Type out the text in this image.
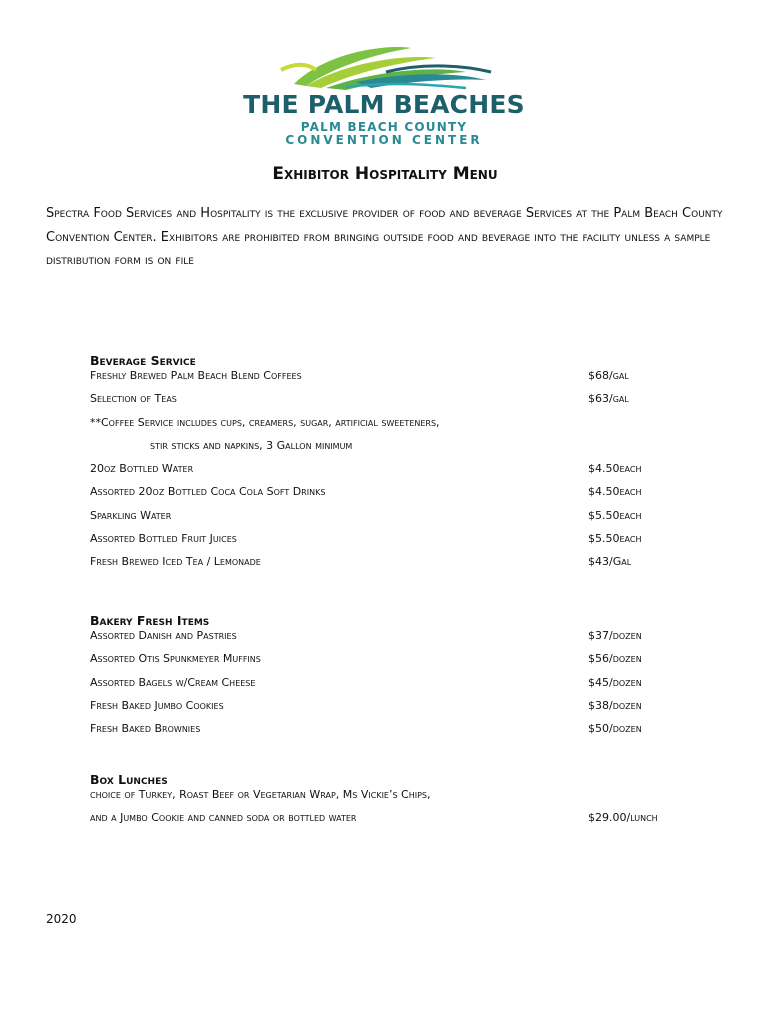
THE PALM BEACHES
PALM BEACH COUNTY
CONVENTION CENTER
Exhibitor Hospitality Menu
Spectra Food Services and Hospitality is the exclusive provider of food and beverage Services at the Palm Beach County Convention Center. Exhibitors are prohibited from bringing outside food and beverage into the facility unless a sample distribution form is on file
Beverage Service
Freshly Brewed Palm Beach Blend Coffees	$68/gal
Selection of Teas	$63/gal
**Coffee Service includes cups, creamers, sugar, artificial sweeteners,
stir sticks and napkins, 3 Gallon minimum
20oz Bottled Water	$4.50each
Assorted 20oz Bottled Coca Cola Soft Drinks	$4.50each
Sparkling Water	$5.50each
Assorted Bottled Fruit Juices	$5.50each
Fresh Brewed Iced Tea / Lemonade	$43/Gal
Bakery Fresh Items
Assorted Danish and Pastries	$37/dozen
Assorted Otis Spunkmeyer Muffins	$56/dozen
Assorted Bagels w/Cream Cheese	$45/dozen
Fresh Baked Jumbo Cookies	$38/dozen
Fresh Baked Brownies	$50/dozen
Box Lunches
choice of Turkey, Roast Beef or Vegetarian Wrap, Ms Vickie’s Chips,
and a Jumbo Cookie and canned soda or bottled water	$29.00/lunch
2020
